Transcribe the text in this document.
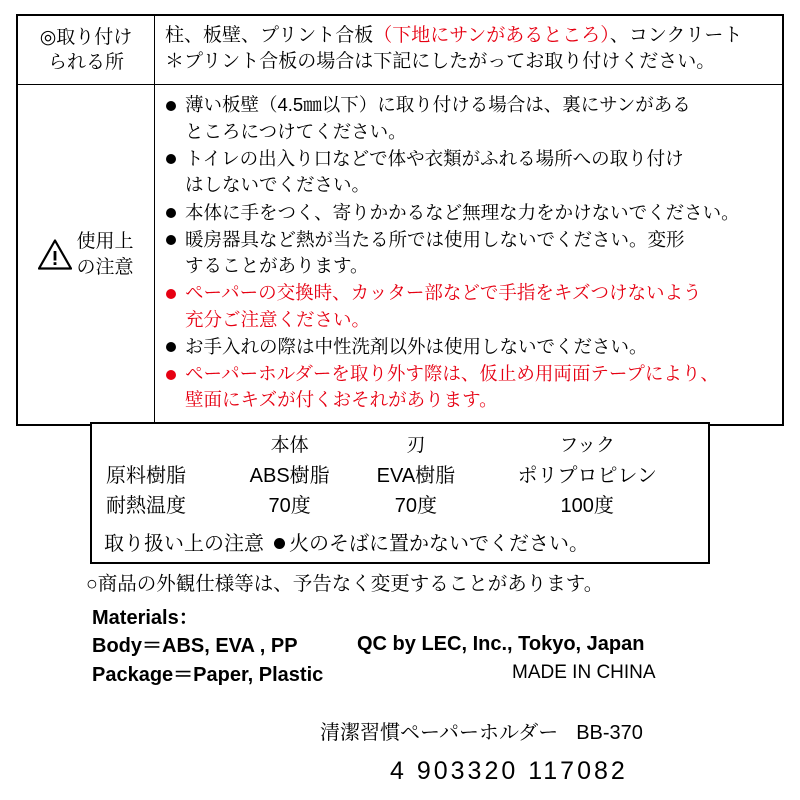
◎取り付け
られる所

柱、板壁、プリント合板（下地にサンがあるところ）、コンクリート
＊プリント合板の場合は下記にしたがってお取り付けください。

使用上
の注意

薄い板壁（4.5㎜以下）に取り付ける場合は、裏にサンがある
ところにつけてください。
トイレの出入り口などで体や衣類がふれる場所への取り付け
はしないでください。
本体に手をつく、寄りかかるなど無理な力をかけないでください。
暖房器具など熱が当たる所では使用しないでください。変形
することがあります。
ペーパーの交換時、カッター部などで手指をキズつけないよう
充分ご注意ください。
お手入れの際は中性洗剤以外は使用しないでください。
ペーパーホルダーを取り外す際は、仮止め用両面テープにより、
壁面にキズが付くおそれがあります。
	本体	刃	フック
原料樹脂	ABS樹脂	EVA樹脂	ポリプロピレン
耐熱温度	70度	70度	100度
取り扱い上の注意 火のそばに置かないでください。
○商品の外観仕様等は、予告なく変更することがあります。
Materials：
Body＝ABS, EVA , PP
Package＝Paper, Plastic
QC by LEC, Inc., Tokyo, Japan
MADE IN CHINA
清潔習慣ペーパーホルダー BB-370
4 903320 117082
